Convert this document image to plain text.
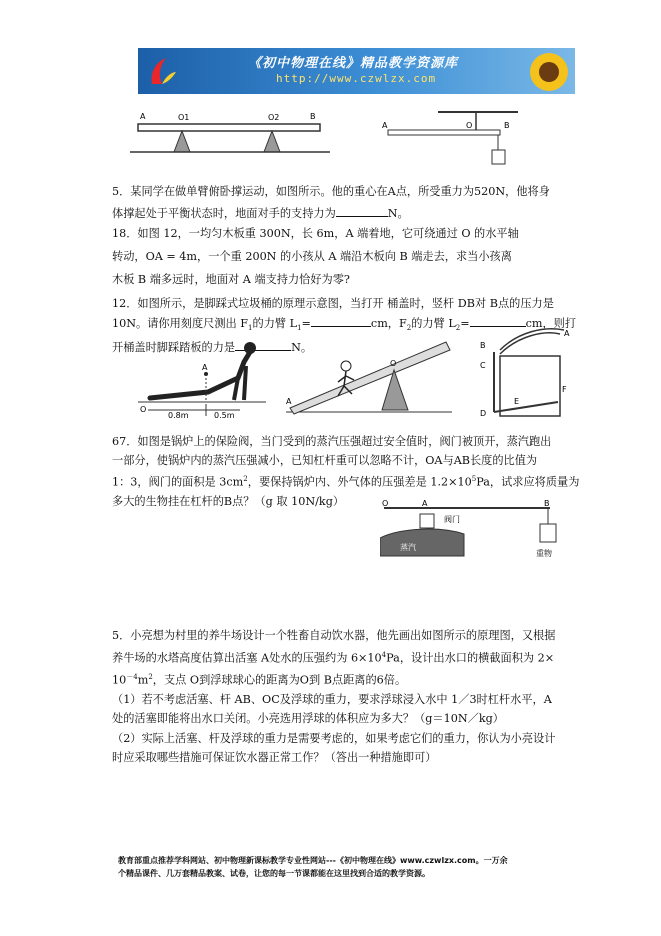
《初中物理在线》精品教学资源库
http://www.czwlzx.com
A	O1	O2	B
A	O	B
5．某同学在做单臂俯卧撑运动，如图所示。他的重心在A点，所受重力为520N，他将身
体撑起处于平衡状态时，地面对手的支持力为	N。
18．如图 12，一均匀木板重 300N，长 6m，A 端着地，它可绕通过 O 的水平轴
转动，OA = 4m，一个重 200N 的小孩从 A 端沿木板向 B 端走去，求当小孩离
木板 B 端多远时，地面对 A 端支持力恰好为零?
12．如图所示，是脚踩式垃圾桶的原理示意图，当打开 桶盖时，竖杆 DB对 B点的压力是
10N。请你用刻度尺测出 $F_1$的力臂 $L_1=$	cm，$F_2$的力臂 $L_2=$	cm，则打
开桶盖时脚踩踏板的力是	N。
A
O
0.8m	0.5m
O
A
A
B
C
D
E
F
67．如图是锅炉上的保险阀，当门受到的蒸汽压强超过安全值时，阀门被顶开，蒸汽跑出
一部分，使锅炉内的蒸汽压强减小，已知杠杆重可以忽略不计，OA与AB长度的比值为
1：3，阀门的面积是 $3cm^2$，要保持锅炉内、外气体的压强差是 $1.2\times 10^5Pa$，试求应将质量为
多大的生物挂在杠杆的B点？（g 取 10N/kg）	O	A	B
阀门
蒸汽
重物
5．小亮想为村里的养牛场设计一个牲畜自动饮水器，他先画出如图所示的原理图，又根据
养牛场的水塔高度估算出活塞 A处水的压强约为 $6\times 10^4Pa$，设计出水口的横截面积为 2×
$10^{-4}m^2$，支点 O到浮球球心的距离为O到 B点距离的6倍。
（1）若不考虑活塞、杆 AB、OC及浮球的重力，要求浮球浸入水中 1／3时杠杆水平，A
处的活塞即能将出水口关闭。小亮选用浮球的体积应为多大？（g＝10N／kg）
（2）实际上活塞、杆及浮球的重力是需要考虑的，如果考虑它们的重力，你认为小亮设计
时应采取哪些措施可保证饮水器正常工作？（答出一种措施即可）
教育部重点推荐学科网站、初中物理新课标教学专业性网站---《初中物理在线》www.czwlzx.com。一万余
个精品课件、几万套精品教案、试卷，让您的每一节课都能在这里找到合适的教学资源。
